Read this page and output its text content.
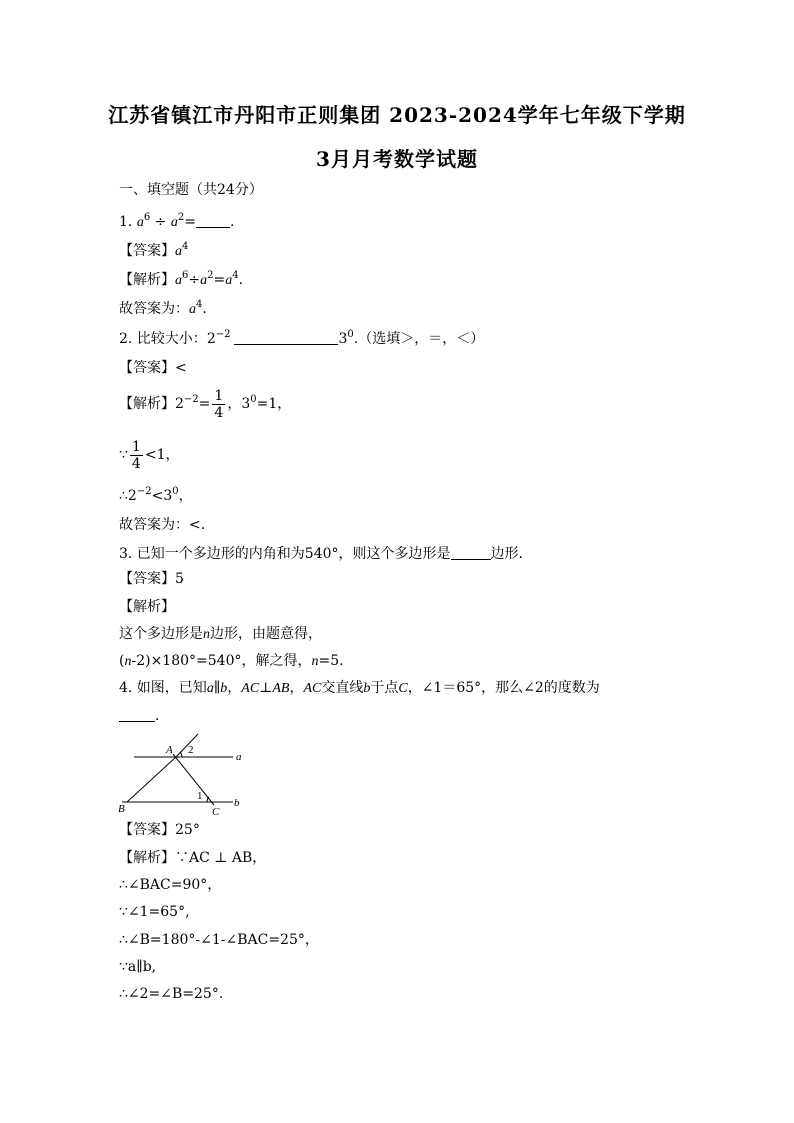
江苏省镇江市丹阳市正则集团 2023-2024学年七年级下学期
3月月考数学试题
一、填空题（共24分）
1. $a^6 \div a^2=$ .
【答案】$a^4$
【解析】$a^6\div a^2=a^4$.
故答案为：$a^4$.
2. 比较大小：$2^{-2}$	$3^0$.（选填＞，＝，＜）
【答案】<
【解析】$2^{-2}= \frac{1}{4}$ ，$3^0=1$，
∵ $\frac{1}{4} <1$，
$\therefore 2^{-2}<3^0$，
故答案为：<.
3. 已知一个多边形的内角和为540°，则这个多边形是	边形.
【答案】5
【解析】
这个多边形是n边形，由题意得，
(n-2)×180°=540°，解之得，n=5.
4. 如图，已知a∥b，AC⊥AB，AC交直线b于点C，∠1＝65°，那么∠2的度数为
.
A 2
a
B
1
C
b
【答案】25°
【解析】∵AC ⊥ AB，
∴∠BAC=90°，
∵∠1=65°,
∴∠B=180°-∠1-∠BAC=25°，
∵a∥b,
∴∠2=∠B=25°.
